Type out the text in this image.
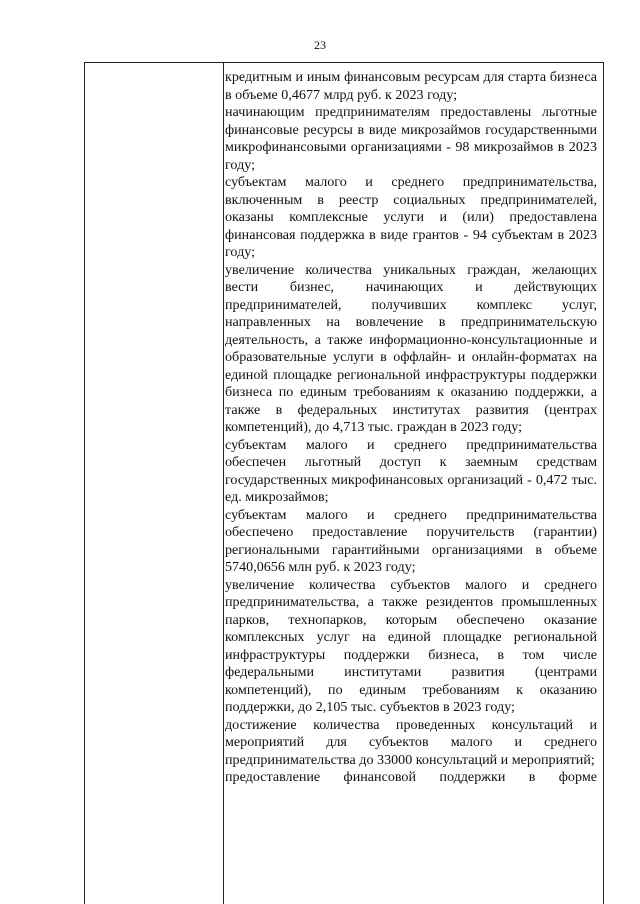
23

кредитным и иным финансовым ресурсам для старта бизнеса в объеме 0,4677 млрд руб. к 2023 году;

начинающим предпринимателям предоставлены льготные финансовые ресурсы в виде микрозаймов государственными микрофинансовыми организациями - 98 микрозаймов в 2023 году;

субъектам малого и среднего предпринимательства, включенным в реестр социальных предпринимателей, оказаны комплексные услуги и (или) предоставлена финансовая поддержка в виде грантов - 94 субъектам в 2023 году;

увеличение количества уникальных граждан, желающих вести бизнес, начинающих и действующих предпринимателей, получивших комплекс услуг, направленных на вовлечение в предпринимательскую деятельность, а также информационно-консультационные и образовательные услуги в оффлайн- и онлайн-форматах на единой площадке региональной инфраструктуры поддержки бизнеса по единым требованиям к оказанию поддержки, а также в федеральных институтах развития (центрах компетенций), до 4,713 тыс. граждан в 2023 году;

субъектам малого и среднего предпринимательства обеспечен льготный доступ к заемным средствам государственных микрофинансовых организаций - 0,472 тыс. ед. микрозаймов;

субъектам малого и среднего предпринимательства обеспечено предоставление поручительств (гарантии) региональными гарантийными организациями в объеме 5740,0656 млн руб. к 2023 году;

увеличение количества субъектов малого и среднего предпринимательства, а также резидентов промышленных парков, технопарков, которым обеспечено оказание комплексных услуг на единой площадке региональной инфраструктуры поддержки бизнеса, в том числе федеральными институтами развития (центрами компетенций), по единым требованиям к оказанию поддержки, до 2,105 тыс. субъектов в 2023 году;

достижение количества проведенных консультаций и мероприятий для субъектов малого и среднего предпринимательства до 33000 консультаций и мероприятий;

предоставление финансовой поддержки в форме
